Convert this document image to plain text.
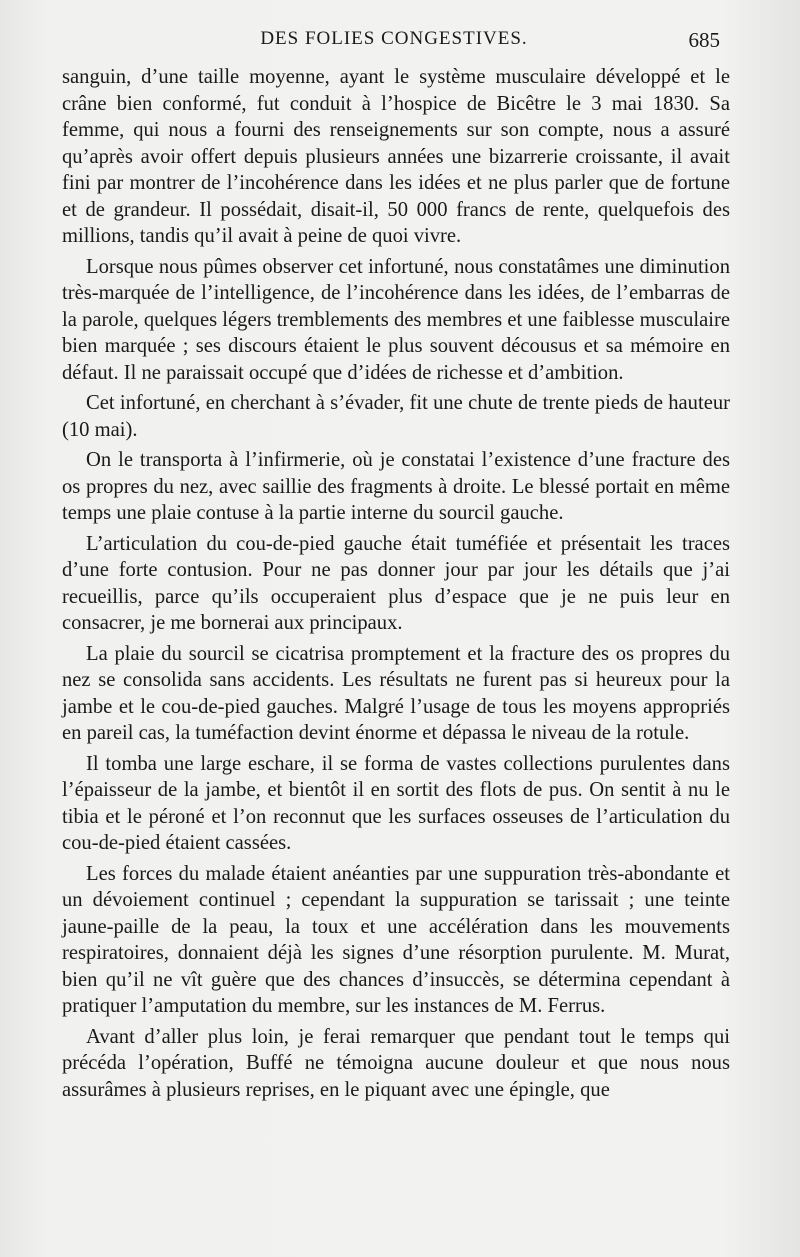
DES FOLIES CONGESTIVES.	685

sanguin, d’une taille moyenne, ayant le système musculaire développé et le crâne bien conformé, fut conduit à l’hospice de Bicêtre le 3 mai 1830. Sa femme, qui nous a fourni des renseignements sur son compte, nous a assuré qu’après avoir offert depuis plusieurs années une bizarrerie croissante, il avait fini par montrer de l’incohérence dans les idées et ne plus parler que de fortune et de grandeur. Il possédait, disait-il, 50 000 francs de rente, quelquefois des millions, tandis qu’il avait à peine de quoi vivre.

Lorsque nous pûmes observer cet infortuné, nous constatâmes une diminution très-marquée de l’intelligence, de l’incohérence dans les idées, de l’embarras de la parole, quelques légers tremblements des membres et une faiblesse musculaire bien marquée ; ses discours étaient le plus souvent décousus et sa mémoire en défaut. Il ne paraissait occupé que d’idées de richesse et d’ambition.

Cet infortuné, en cherchant à s’évader, fit une chute de trente pieds de hauteur (10 mai).

On le transporta à l’infirmerie, où je constatai l’existence d’une fracture des os propres du nez, avec saillie des fragments à droite. Le blessé portait en même temps une plaie contuse à la partie interne du sourcil gauche.

L’articulation du cou-de-pied gauche était tuméfiée et présentait les traces d’une forte contusion. Pour ne pas donner jour par jour les détails que j’ai recueillis, parce qu’ils occuperaient plus d’espace que je ne puis leur en consacrer, je me bornerai aux principaux.

La plaie du sourcil se cicatrisa promptement et la fracture des os propres du nez se consolida sans accidents. Les résultats ne furent pas si heureux pour la jambe et le cou-de-pied gauches. Malgré l’usage de tous les moyens appropriés en pareil cas, la tuméfaction devint énorme et dépassa le niveau de la rotule.

Il tomba une large eschare, il se forma de vastes collections purulentes dans l’épaisseur de la jambe, et bientôt il en sortit des flots de pus. On sentit à nu le tibia et le péroné et l’on reconnut que les surfaces osseuses de l’articulation du cou-de-pied étaient cassées.

Les forces du malade étaient anéanties par une suppuration très-abondante et un dévoiement continuel ; cependant la suppuration se tarissait ; une teinte jaune-paille de la peau, la toux et une accélération dans les mouvements respiratoires, donnaient déjà les signes d’une résorption purulente. M. Murat, bien qu’il ne vît guère que des chances d’insuccès, se détermina cependant à pratiquer l’amputation du membre, sur les instances de M. Ferrus.

Avant d’aller plus loin, je ferai remarquer que pendant tout le temps qui précéda l’opération, Buffé ne témoigna aucune douleur et que nous nous assurâmes à plusieurs reprises, en le piquant avec une épingle, que
